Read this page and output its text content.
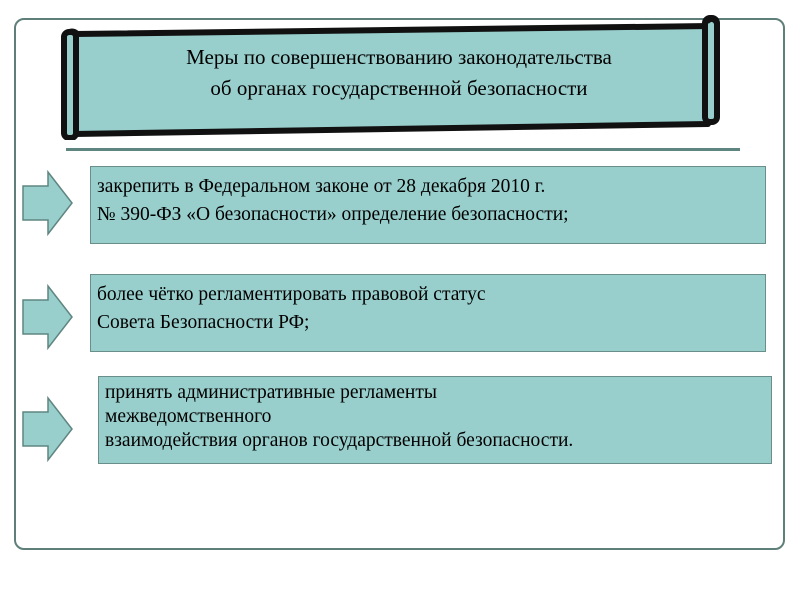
Меры по совершенствованию законодательства
об органах государственной безопасности
закрепить в Федеральном законе от 28 декабря 2010 г.
№ 390-ФЗ «О безопасности» определение безопасности;
более чётко регламентировать правовой статус
Совета Безопасности РФ;
принять административные регламенты
межведомственного
взаимодействия органов государственной безопасности.
